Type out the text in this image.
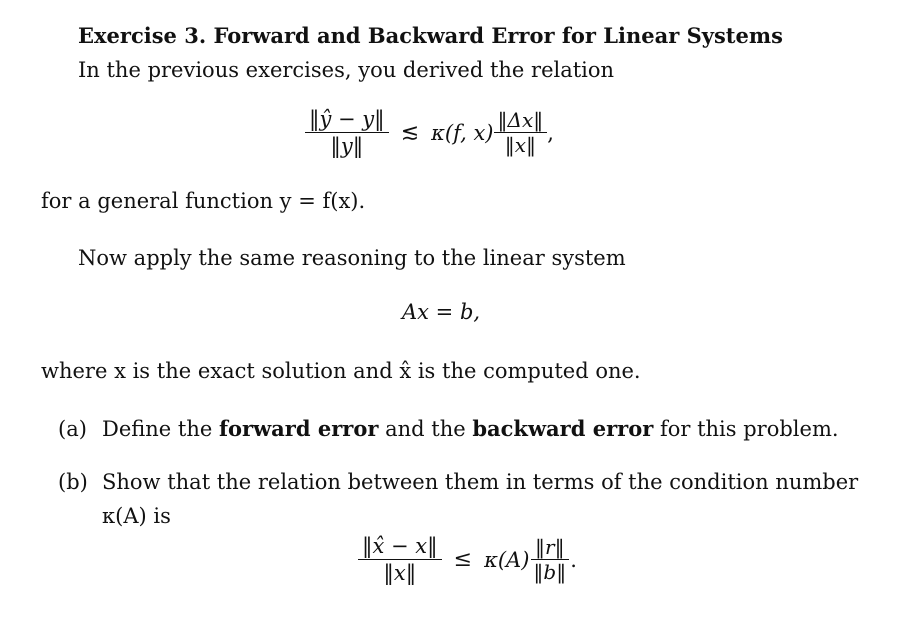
Exercise 3. Forward and Backward Error for Linear Systems
In the previous exercises, you derived the relation
$\frac{‖ŷ - y‖}{‖y‖}$ ≲ κ(f, $x) \frac{‖\Delta x‖}{‖x‖}$ ,
for a general function y = f(x).
Now apply the same reasoning to the linear system
Ax = b,
where x is the exact solution and x̂ is the computed one.
(a) Define the forward error and the backward error for this problem.
(b) Show that the relation between them in terms of the condition number
κ(A) is
$\frac{‖x̂ - x‖}{‖x‖} \le \kappa(A) \frac{‖r‖}{‖b‖}$ .
